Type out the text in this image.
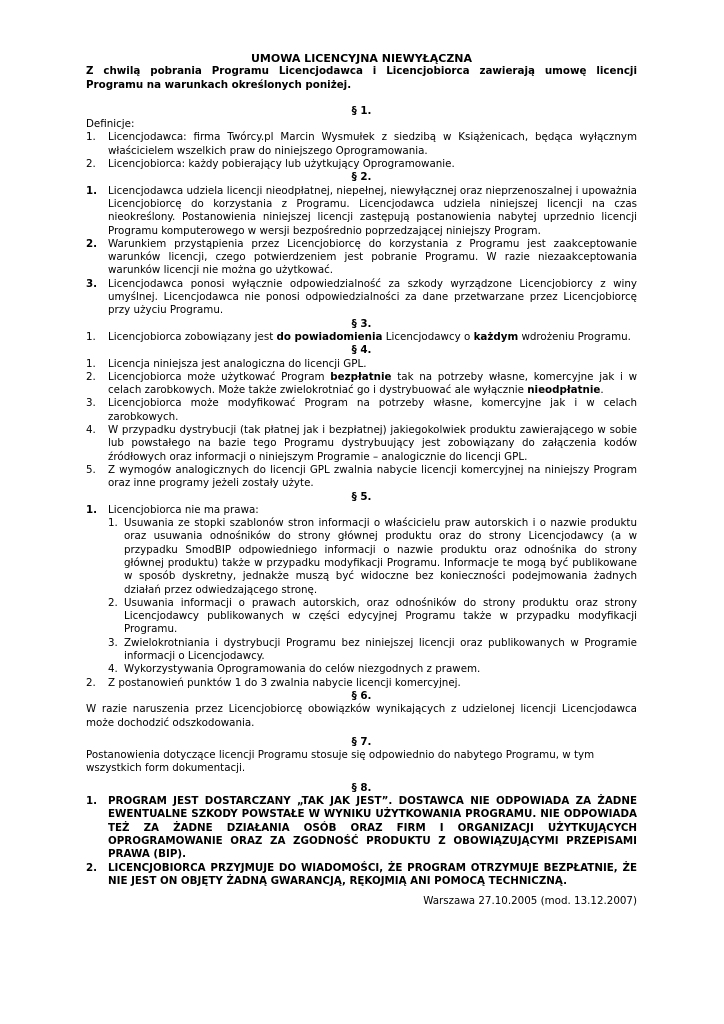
UMOWA LICENCYJNA NIEWYŁĄCZNA

Z chwilą pobrania Programu Licencjodawca i Licencjobiorca zawierają umowę licencji Programu na warunkach określonych poniżej.

§ 1.

Definicje:

1.	Licencjodawca: firma Twórcy.pl Marcin Wysmułek z siedzibą w Książenicach, będąca wyłącznym właścicielem wszelkich praw do niniejszego Oprogramowania.
2.	Licencjobiorca: każdy pobierający lub użytkujący Oprogramowanie.

§ 2.

1.	Licencjodawca udziela licencji nieodpłatnej, niepełnej, niewyłącznej oraz nieprzenoszalnej i upoważnia Licencjobiorcę do korzystania z Programu. Licencjodawca udziela niniejszej licencji na czas nieokreślony. Postanowienia niniejszej licencji zastępują postanowienia nabytej uprzednio licencji Programu komputerowego w wersji bezpośrednio poprzedzającej niniejszy Program.
2.	Warunkiem przystąpienia przez Licencjobiorcę do korzystania z Programu jest zaakceptowanie warunków licencji, czego potwierdzeniem jest pobranie Programu. W razie niezaakceptowania warunków licencji nie można go użytkować.
3.	Licencjodawca ponosi wyłącznie odpowiedzialność za szkody wyrządzone Licencjobiorcy z winy umyślnej. Licencjodawca nie ponosi odpowiedzialności za dane przetwarzane przez Licencjobiorcę przy użyciu Programu.

§ 3.

1.	Licencjobiorca zobowiązany jest do powiadomienia Licencjodawcy o każdym wdrożeniu Programu.

§ 4.

1.	Licencja niniejsza jest analogiczna do licencji GPL.
2.	Licencjobiorca może użytkować Program bezpłatnie tak na potrzeby własne, komercyjne jak i w celach zarobkowych. Może także zwielokrotniać go i dystrybuować ale wyłącznie nieodpłatnie.
3.	Licencjobiorca może modyfikować Program na potrzeby własne, komercyjne jak i w celach zarobkowych.
4.	W przypadku dystrybucji (tak płatnej jak i bezpłatnej) jakiegokolwiek produktu zawierającego w sobie lub powstałego na bazie tego Programu dystrybuujący jest zobowiązany do załączenia kodów źródłowych oraz informacji o niniejszym Programie – analogicznie do licencji GPL.
5.	Z wymogów analogicznych do licencji GPL zwalnia nabycie licencji komercyjnej na niniejszy Program oraz inne programy jeżeli zostały użyte.

§ 5.

1.	Licencjobiorca nie ma prawa:

1. Usuwania ze stopki szablonów stron informacji o właścicielu praw autorskich i o nazwie produktu oraz usuwania odnośników do strony głównej produktu oraz do strony Licencjodawcy (a w przypadku SmodBIP odpowiedniego informacji o nazwie produktu oraz odnośnika do strony głównej produktu) także w przypadku modyfikacji Programu. Informacje te mogą być publikowane w sposób dyskretny, jednakże muszą być widoczne bez konieczności podejmowania żadnych działań przez odwiedzającego stronę.
2. Usuwania informacji o prawach autorskich, oraz odnośników do strony produktu oraz strony Licencjodawcy publikowanych w części edycyjnej Programu także w przypadku modyfikacji Programu.
3. Zwielokrotniania i dystrybucji Programu bez niniejszej licencji oraz publikowanych w Programie informacji o Licencjodawcy.
4. Wykorzystywania Oprogramowania do celów niezgodnych z prawem.
2.	Z postanowień punktów 1 do 3 zwalnia nabycie licencji komercyjnej.

§ 6.

W razie naruszenia przez Licencjobiorcę obowiązków wynikających z udzielonej licencji Licencjodawca może dochodzić odszkodowania.

§ 7.

Postanowienia dotyczące licencji Programu stosuje się odpowiednio do nabytego Programu, w tym wszystkich form dokumentacji.

§ 8.

1.	PROGRAM JEST DOSTARCZANY „TAK JAK JEST”. DOSTAWCA NIE ODPOWIADA ZA ŻADNE EWENTUALNE SZKODY POWSTAŁE W WYNIKU UŻYTKOWANIA PROGRAMU. NIE ODPOWIADA TEŻ ZA ŻADNE DZIAŁANIA OSÓB ORAZ FIRM I ORGANIZACJI UŻYTKUJĄCYCH OPROGRAMOWANIE ORAZ ZA ZGODNOŚĆ PRODUKTU Z OBOWIĄZUJĄCYMI PRZEPISAMI PRAWA (BIP).
2.	LICENCJOBIORCA PRZYJMUJE DO WIADOMOŚCI, ŻE PROGRAM OTRZYMUJE BEZPŁATNIE, ŻE NIE JEST ON OBJĘTY ŻADNĄ GWARANCJĄ, RĘKOJMIĄ ANI POMOCĄ TECHNICZNĄ.

Warszawa 27.10.2005 (mod. 13.12.2007)
